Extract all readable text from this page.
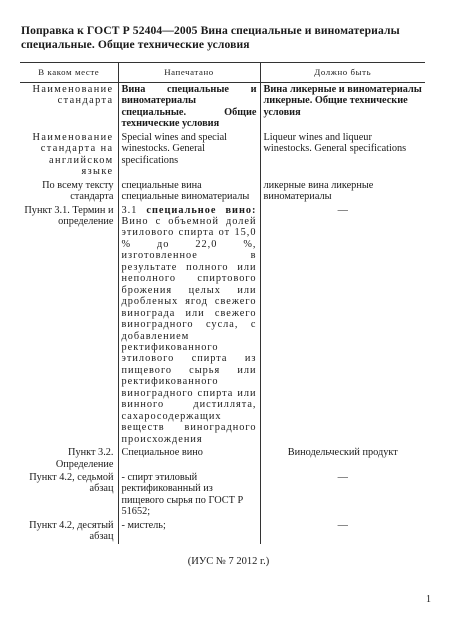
Поправка к ГОСТ Р 52404—2005 Вина специальные и виноматериалы специальные. Общие технические условия
В каком месте	Напечатано	Должно быть
Наименование стандарта	Вина специальные и виноматериалы специальные. Общие технические условия	Вина ликерные и виноматериалы ликерные. Общие технические условия
Наименование стандарта на английском языке	Special wines and special winestocks. General specifications	Liqueur wines and liqueur winestocks. General specifications
По всему тексту стандарта	специальные вина специальные виноматериалы	ликерные вина ликерные виноматериалы
Пункт 3.1. Термин и определение	3.1 специальное вино: Вино с объемной долей этилового спирта от 15,0 % до 22,0 %, изготовленное в результате полного или неполного спиртового брожения целых или дробленых ягод свежего винограда или свежего виноградного сусла, с добавлением ректификованного этилового спирта из пищевого сырья или ректификованного виноградного спирта или винного дистиллята, сахаросодержащих веществ виноградного происхождения	—
Пункт 3.2. Определение	Специальное вино	Винодельческий продукт
Пункт 4.2, седьмой абзац	- спирт этиловый ректификованный из пищевого сырья по ГОСТ Р 51652;	—
Пункт 4.2, десятый абзац	- мистель;	—
(ИУС № 7 2012 г.)
1
